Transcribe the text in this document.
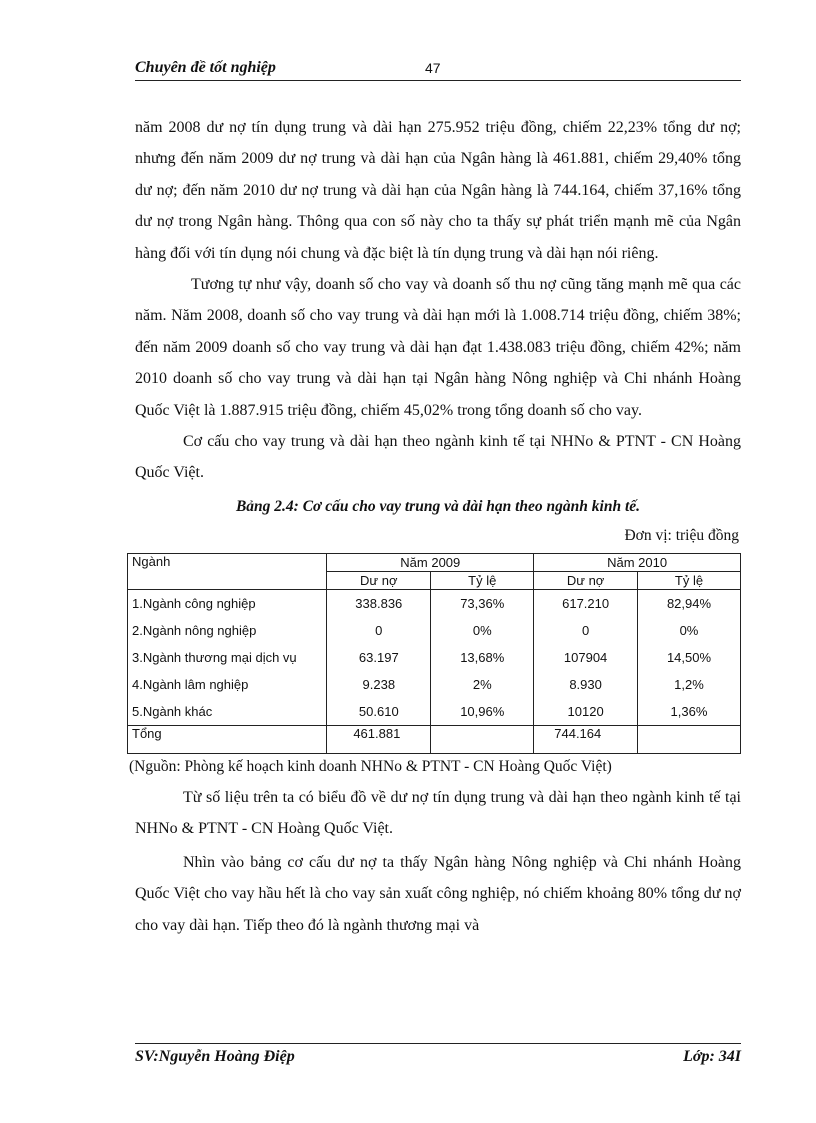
Chuyên đề tốt nghiệp	47

năm 2008 dư nợ tín dụng trung và dài hạn 275.952 triệu đồng, chiếm 22,23% tổng dư nợ; nhưng đến năm 2009 dư nợ trung và dài hạn của Ngân hàng là 461.881, chiếm 29,40% tổng dư nợ; đến năm 2010 dư nợ trung và dài hạn của Ngân hàng là 744.164, chiếm 37,16% tổng dư nợ trong Ngân hàng. Thông qua con số này cho ta thấy sự phát triển mạnh mẽ của Ngân hàng đối với tín dụng nói chung và đặc biệt là tín dụng trung và dài hạn nói riêng.

Tương tự như vậy, doanh số cho vay và doanh số thu nợ cũng tăng mạnh mẽ qua các năm. Năm 2008, doanh số cho vay trung và dài hạn mới là 1.008.714 triệu đồng, chiếm 38%; đến năm 2009 doanh số cho vay trung và dài hạn đạt 1.438.083 triệu đồng, chiếm 42%; năm 2010 doanh số cho vay trung và dài hạn tại Ngân hàng Nông nghiệp và Chi nhánh Hoàng Quốc Việt là 1.887.915 triệu đồng, chiếm 45,02% trong tổng doanh số cho vay.

Cơ cấu cho vay trung và dài hạn theo ngành kinh tế tại NHNo & PTNT - CN Hoàng Quốc Việt.

Bảng 2.4: Cơ cấu cho vay trung và dài hạn theo ngành kinh tế.

Đơn vị: triệu đồng

Ngành	Năm 2009		Năm 2010	
	Dư nợ	Tỷ lệ	Dư nợ	Tỷ lệ
1.Ngành công nghiệp	338.836	73,36%	617.210	82,94%
2.Ngành nông nghiệp	0	0%	0	0%
3.Ngành thương mại dịch vụ	63.197	13,68%	107904	14,50%
4.Ngành lâm nghiệp	9.238	2%	8.930	1,2%
5.Ngành khác	50.610	10,96%	10120	1,36%
Tổng	461.881		744.164	

(Nguồn: Phòng kế hoạch kinh doanh NHNo & PTNT - CN Hoàng Quốc Việt)

Từ số liệu trên ta có biểu đồ về dư nợ tín dụng trung và dài hạn theo ngành kinh tế tại NHNo & PTNT - CN Hoàng Quốc Việt.

Nhìn vào bảng cơ cấu dư nợ ta thấy Ngân hàng Nông nghiệp và Chi nhánh Hoàng Quốc Việt cho vay hầu hết là cho vay sản xuất công nghiệp, nó chiếm khoảng 80% tổng dư nợ cho vay dài hạn. Tiếp theo đó là ngành thương mại và

SV:Nguyễn Hoàng Điệp	Lớp: 34I
